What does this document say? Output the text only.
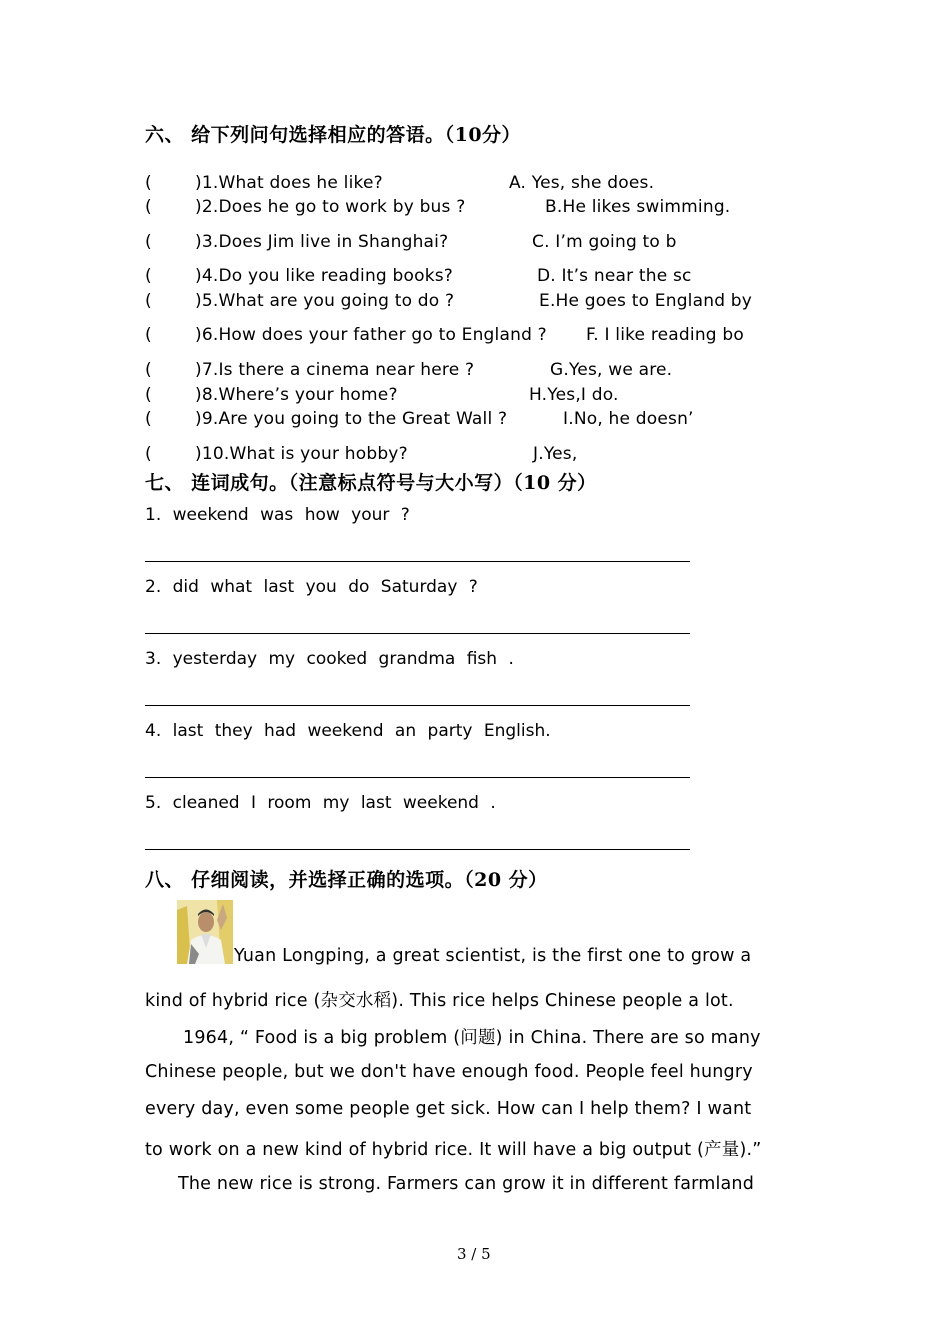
六、 给下列问句选择相应的答语。（10分）
(	)1.What does he like?	A. Yes, she does.
(	)2.Does he go to work by bus ?	B.He likes swimming.
(	)3.Does Jim live in Shanghai?	C. I’m going to b
(	)4.Do you like reading books?	D. It’s near the sc
(	)5.What are you going to do ?	E.He goes to England by
(	)6.How does your father go to England ? F. I like reading bo
(	)7.Is there a cinema near here ?	G.Yes, we are.
(	)8.Where’s your home?	H.Yes,I do.
(	)9.Are you going to the Great Wall ?	I.No, he doesn’
(	)10.What is your hobby?	J.Yes,
七、 连词成句。（注意标点符号与大小写）（10 分）
1. weekend was how your ?
2. did what last you do Saturday ?
3. yesterday my cooked grandma fish .
4. last they had weekend an party English.
5. cleaned I room my last weekend .
八、 仔细阅读，并选择正确的选项。（20 分）
Yuan Longping, a great scientist, is the first one to grow a
kind of hybrid rice (杂交水稻). This rice helps Chinese people a lot.
1964, “ Food is a big problem (问题) in China. There are so many
Chinese people, but we don't have enough food. People feel hungry
every day, even some people get sick. How can I help them? I want
to work on a new kind of hybrid rice. It will have a big output (产量).”
The new rice is strong. Farmers can grow it in different farmland
3 / 5
